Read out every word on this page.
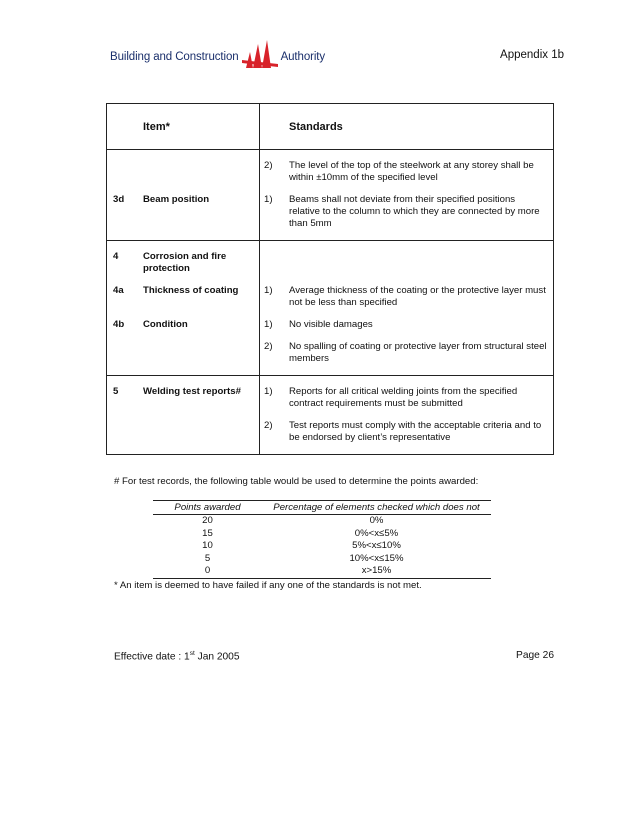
Building and Construction	Authority	Appendix 1b
	Item*		Standards
		2)	The level of the top of the steelwork at any storey shall be within ±10mm of the specified level
3d	Beam position	1)	Beams shall not deviate from their specified positions relative to the column to which they are connected by more than 5mm
4	Corrosion and fire protection		
4a	Thickness of coating	1)	Average thickness of the coating or the protective layer must not be less than specified
4b	Condition	1)	No visible damages
		2)	No spalling of coating or protective layer from structural steel members
5	Welding test reports#	1)	Reports for all critical welding joints from the specified contract requirements must be submitted
		2)	Test reports must comply with the acceptable criteria and to be endorsed by client’s representative
# For test records, the following table would be used to determine the points awarded:
Points awarded	Percentage of elements checked which does not
20	0%
15	0%<x≤5%
10	5%<x≤10%
5	10%<x≤15%
0	x>15%
* An item is deemed to have failed if any one of the standards is not met.
Effective date : 1st Jan 2005	Page 26
